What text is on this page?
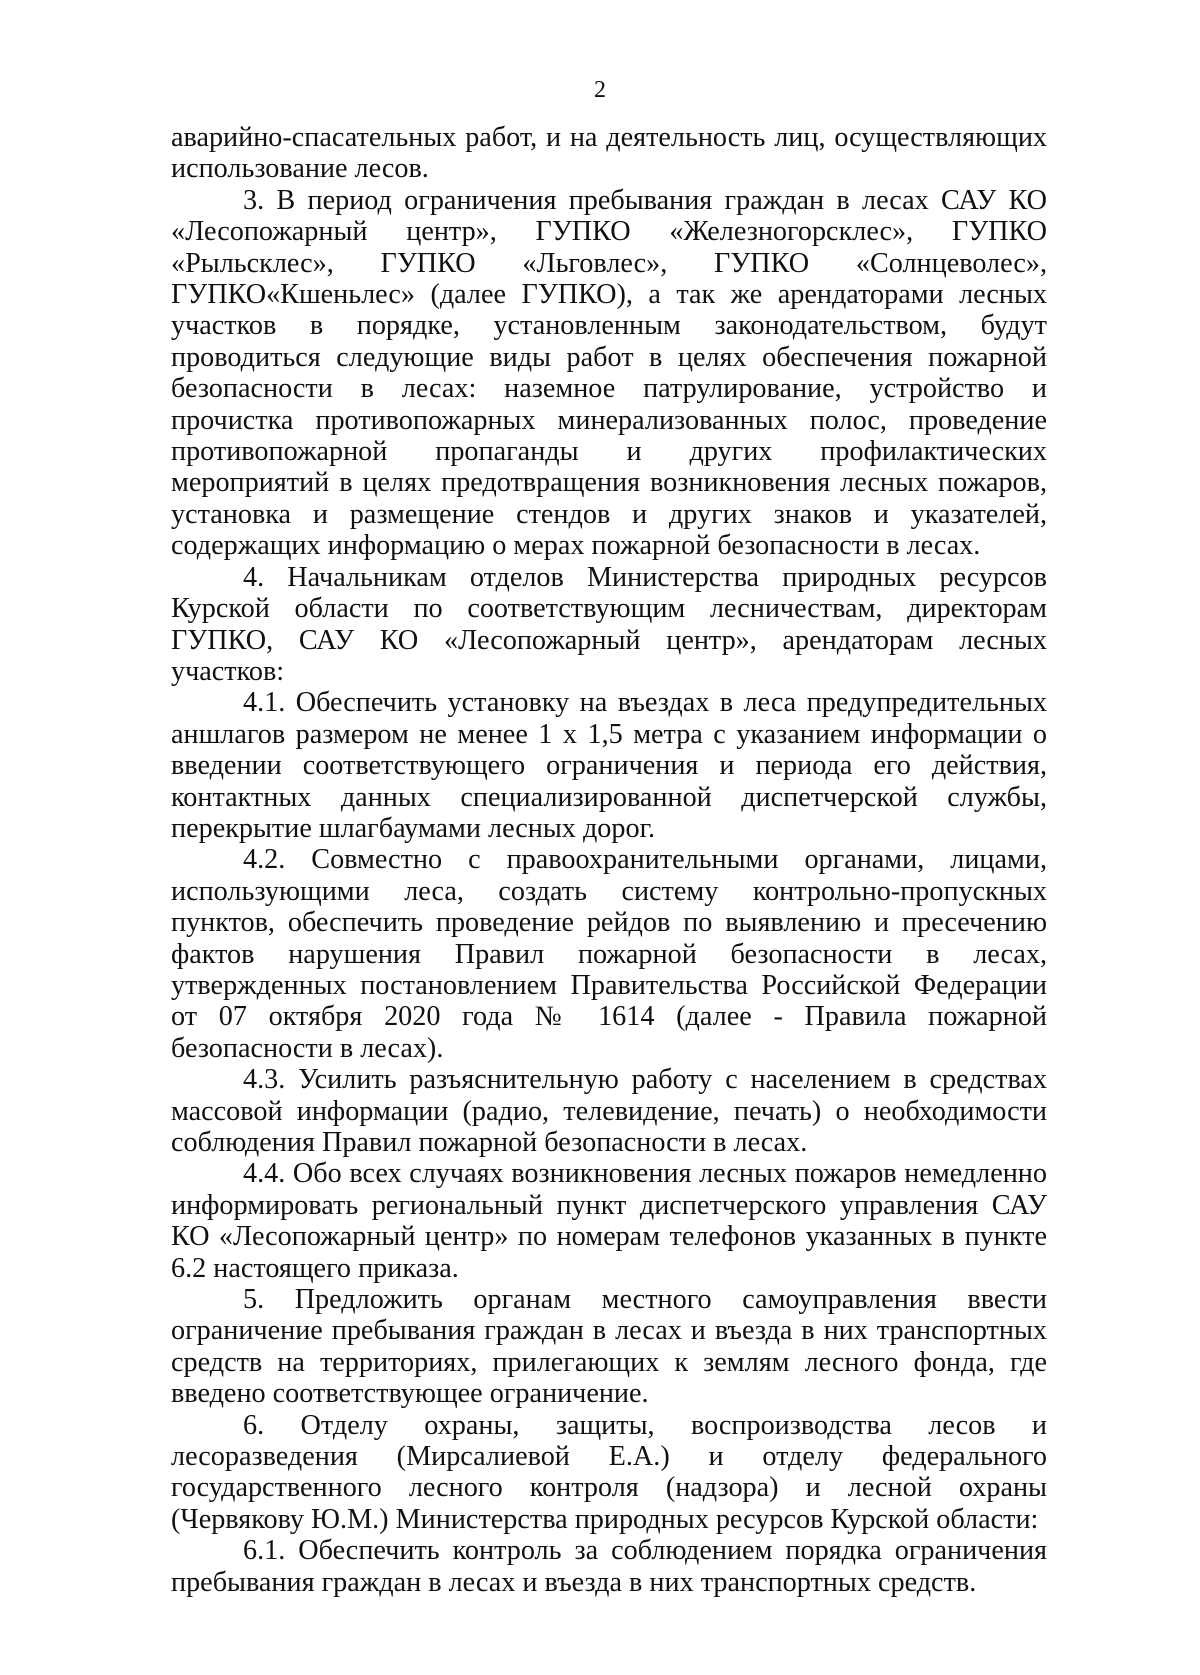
2

аварийно-спасательных работ, и на деятельность лиц, осуществляющих использование лесов.

3. В период ограничения пребывания граждан в лесах САУ КО «Лесопожарный центр», ГУПКО «Железногорсклес», ГУПКО «Рыльсклес», ГУПКО «Льговлес», ГУПКО «Солнцеволес», ГУПКО«Кшеньлес» (далее ГУПКО), а так же арендаторами лесных участков в порядке, установленным законодательством, будут проводиться следующие виды работ в целях обеспечения пожарной безопасности в лесах: наземное патрулирование, устройство и прочистка противопожарных минерализованных полос, проведение противопожарной пропаганды и других профилактических мероприятий в целях предотвращения возникновения лесных пожаров, установка и размещение стендов и других знаков и указателей, содержащих информацию о мерах пожарной безопасности в лесах.

4. Начальникам отделов Министерства природных ресурсов Курской области по соответствующим лесничествам, директорам ГУПКО, САУ КО «Лесопожарный центр», арендаторам лесных участков:

4.1. Обеспечить установку на въездах в леса предупредительных аншлагов размером не менее 1 х 1,5 метра с указанием информации о введении соответствующего ограничения и периода его действия, контактных данных специализированной диспетчерской службы, перекрытие шлагбаумами лесных дорог.

4.2. Совместно с правоохранительными органами, лицами, использующими леса, создать систему контрольно-пропускных пунктов, обеспечить проведение рейдов по выявлению и пресечению фактов нарушения Правил пожарной безопасности в лесах, утвержденных постановлением Правительства Российской Федерации от 07 октября 2020 года № 1614 (далее - Правила пожарной безопасности в лесах).

4.3. Усилить разъяснительную работу с населением в средствах массовой информации (радио, телевидение, печать) о необходимости соблюдения Правил пожарной безопасности в лесах.

4.4. Обо всех случаях возникновения лесных пожаров немедленно информировать региональный пункт диспетчерского управления САУ КО «Лесопожарный центр» по номерам телефонов указанных в пункте 6.2 настоящего приказа.

5. Предложить органам местного самоуправления ввести ограничение пребывания граждан в лесах и въезда в них транспортных средств на территориях, прилегающих к землям лесного фонда, где введено соответствующее ограничение.

6. Отделу охраны, защиты, воспроизводства лесов и лесоразведения (Мирсалиевой Е.А.) и отделу федерального государственного лесного контроля (надзора) и лесной охраны (Червякову Ю.М.) Министерства природных ресурсов Курской области:

6.1. Обеспечить контроль за соблюдением порядка ограничения пребывания граждан в лесах и въезда в них транспортных средств.
